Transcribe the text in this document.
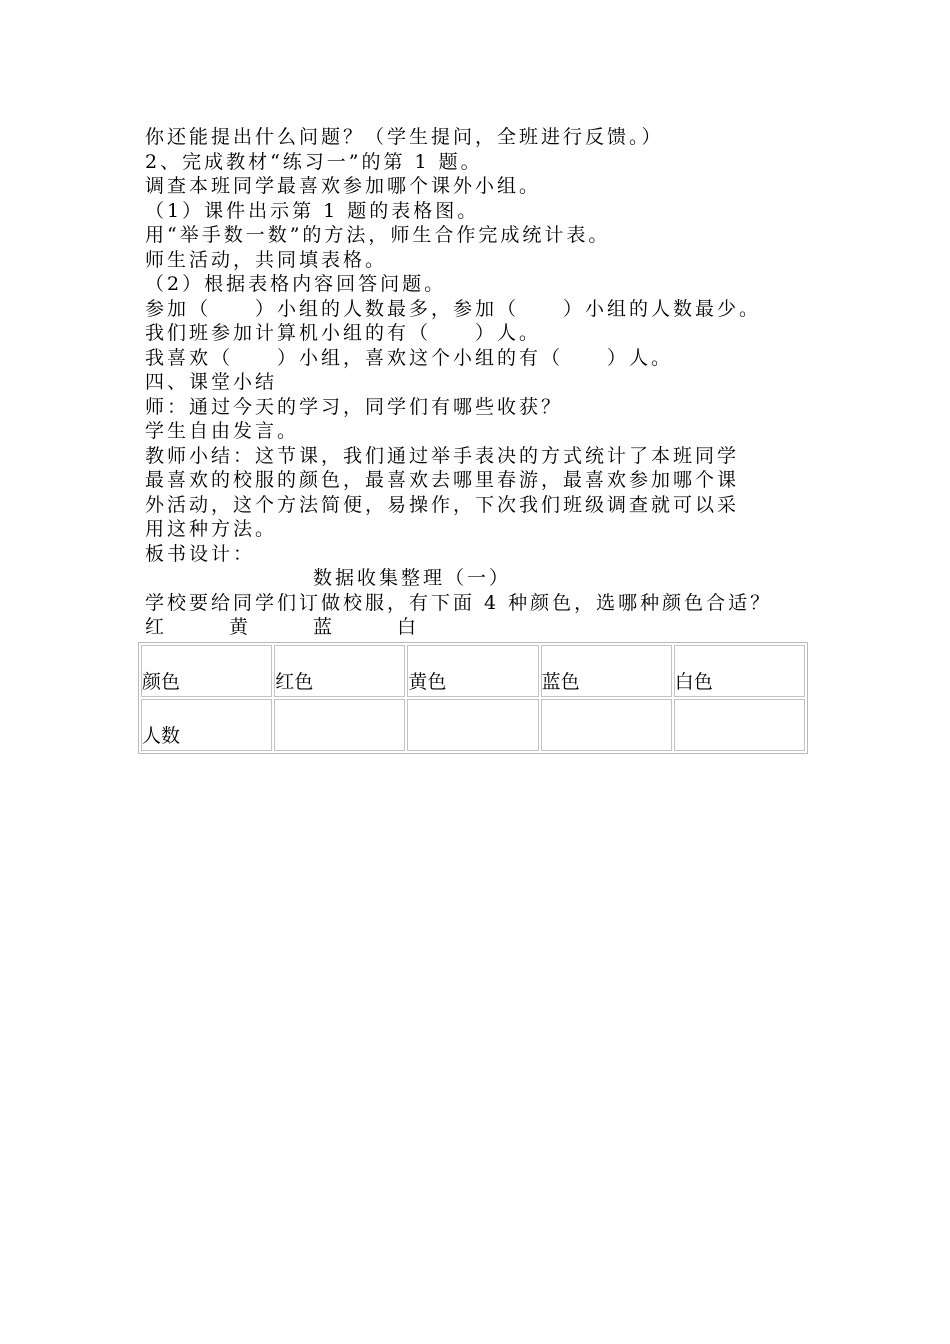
你还能提出什么问题？（学生提问，全班进行反馈。）
2、完成教材“练习一”的第 1 题。
调查本班同学最喜欢参加哪个课外小组。
（1）课件出示第 1 题的表格图。
用“举手数一数”的方法，师生合作完成统计表。
师生活动，共同填表格。
（2）根据表格内容回答问题。
参加（　　）小组的人数最多，参加（　　）小组的人数最少。
我们班参加计算机小组的有（　　）人。
我喜欢（　　）小组，喜欢这个小组的有（　　）人。
四、课堂小结
师：通过今天的学习，同学们有哪些收获？
学生自由发言。
教师小结：这节课，我们通过举手表决的方式统计了本班同学
最喜欢的校服的颜色，最喜欢去哪里春游，最喜欢参加哪个课
外活动，这个方法简便，易操作，下次我们班级调查就可以采
用这种方法。
板书设计：
数据收集整理（一）
学校要给同学们订做校服，有下面 4 种颜色，选哪种颜色合适？
红	黄	蓝	白
颜色	红色	黄色	蓝色	白色
人数				
